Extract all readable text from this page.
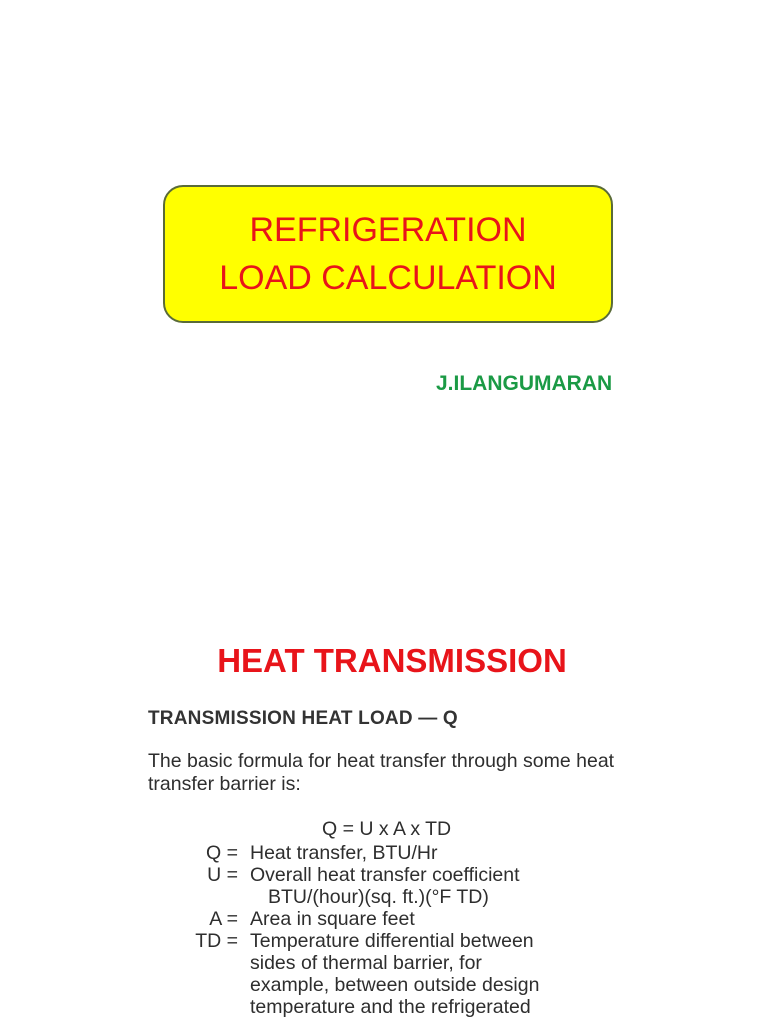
REFRIGERATION
LOAD CALCULATION
J.ILANGUMARAN
HEAT TRANSMISSION
TRANSMISSION HEAT LOAD — Q
The basic formula for heat transfer through some heat transfer barrier is:
Q = U x A x TD
Q = Heat transfer, BTU/Hr
U = Overall heat transfer coefficient
BTU/(hour)(sq. ft.)(°F TD)
A = Area in square feet
TD = Temperature differential between
sides of thermal barrier, for
example, between outside design
temperature and the refrigerated
